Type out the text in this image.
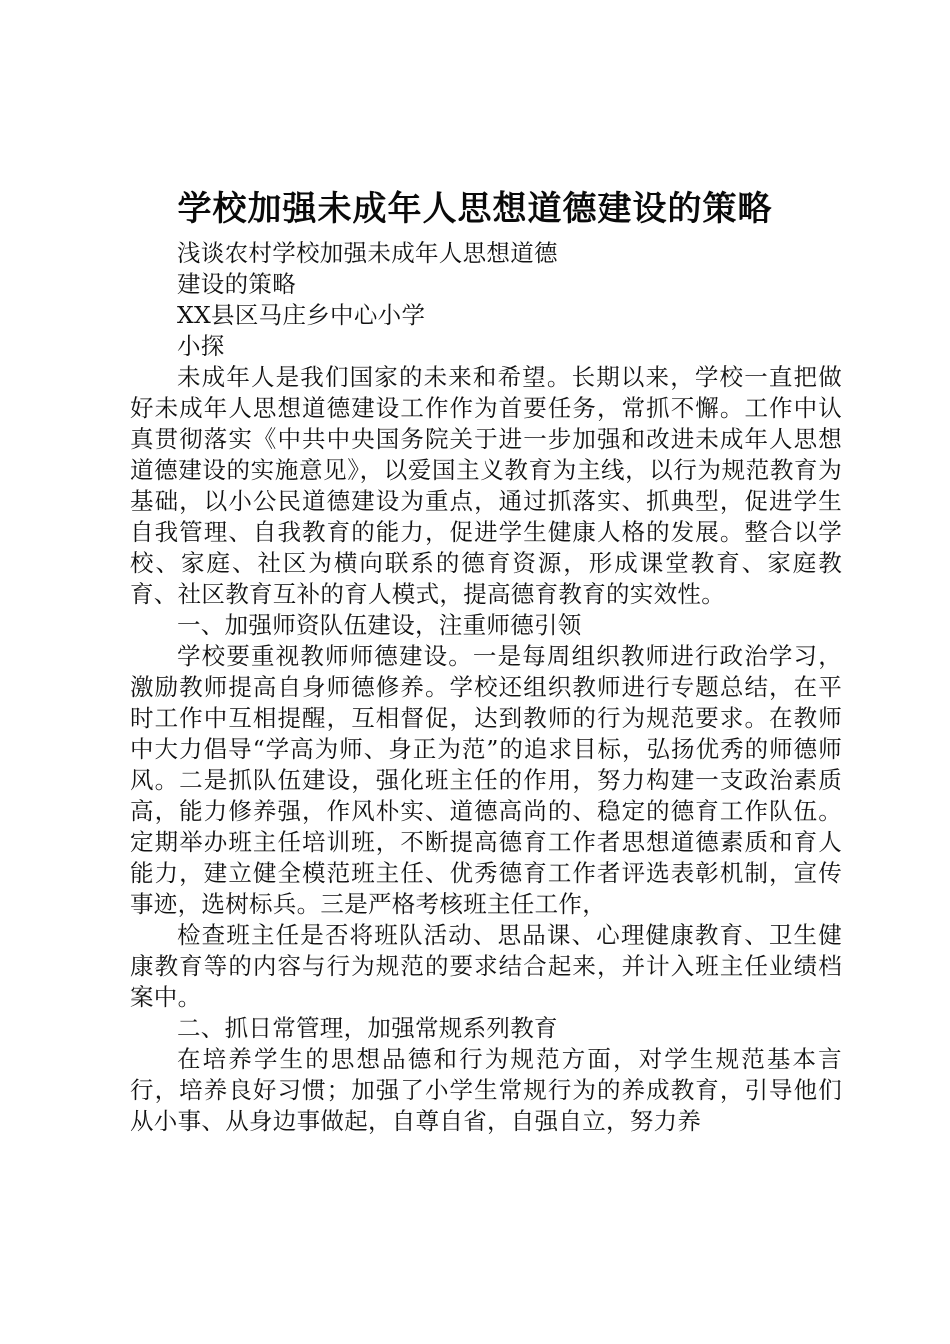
学校加强未成年人思想道德建设的策略

浅谈农村学校加强未成年人思想道德

建设的策略

XX县区马庄乡中心小学

小探

未成年人是我们国家的未来和希望。长期以来，学校一直把做好未成年人思想道德建设工作作为首要任务，常抓不懈。工作中认真贯彻落实《中共中央国务院关于进一步加强和改进未成年人思想道德建设的实施意见》，以爱国主义教育为主线，以行为规范教育为基础，以小公民道德建设为重点，通过抓落实、抓典型，促进学生自我管理、自我教育的能力，促进学生健康人格的发展。整合以学校、家庭、社区为横向联系的德育资源，形成课堂教育、家庭教育、社区教育互补的育人模式，提高德育教育的实效性。

一、加强师资队伍建设，注重师德引领

学校要重视教师师德建设。一是每周组织教师进行政治学习，激励教师提高自身师德修养。学校还组织教师进行专题总结，在平时工作中互相提醒，互相督促，达到教师的行为规范要求。在教师中大力倡导“学高为师、身正为范”的追求目标，弘扬优秀的师德师风。二是抓队伍建设，强化班主任的作用，努力构建一支政治素质高，能力修养强，作风朴实、道德高尚的、稳定的德育工作队伍。定期举办班主任培训班，不断提高德育工作者思想道德素质和育人能力，建立健全模范班主任、优秀德育工作者评选表彰机制，宣传事迹，选树标兵。三是严格考核班主任工作，

检查班主任是否将班队活动、思品课、心理健康教育、卫生健康教育等的内容与行为规范的要求结合起来，并计入班主任业绩档案中。

二、抓日常管理，加强常规系列教育

在培养学生的思想品德和行为规范方面，对学生规范基本言行，培养良好习惯；加强了小学生常规行为的养成教育，引导他们从小事、从身边事做起，自尊自省，自强自立，努力养
